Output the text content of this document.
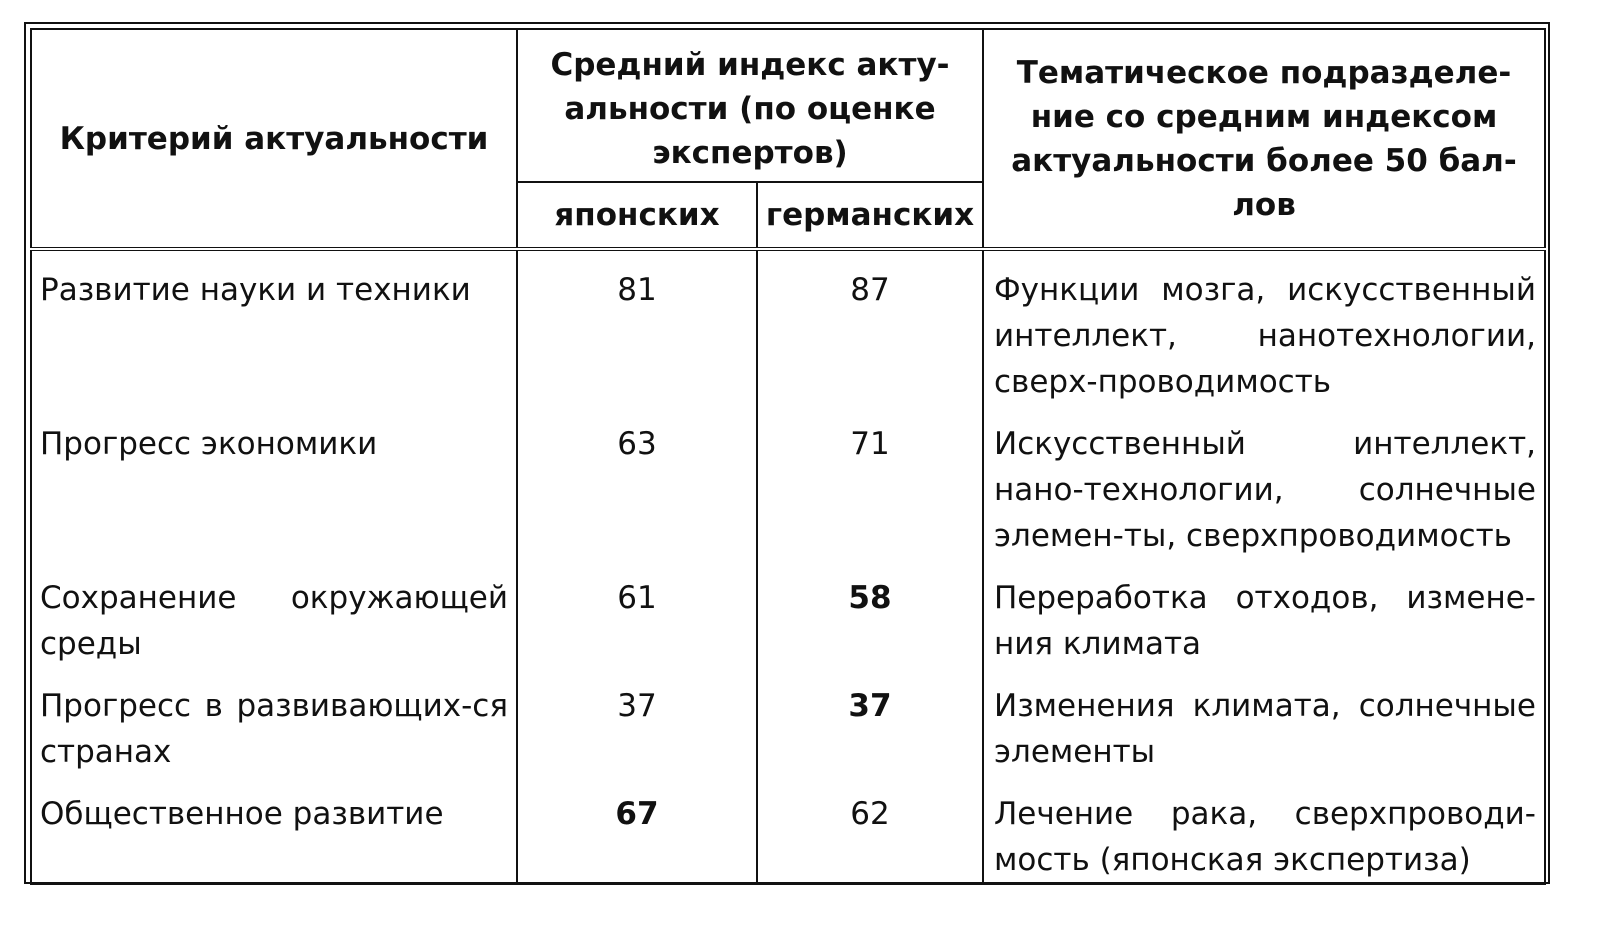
Критерий актуальности	Средний индекс акту-альности (по оценке экспертов)		Тематическое подразделе-ние со средним индексом актуальности более 50 бал-лов
	японских	германских	

Развитие науки и техники	81	87	Функции мозга, искусственный интеллект, нанотехнологии, сверх-проводимость
Прогресс экономики	63	71	Искусственный интеллект, нано-технологии, солнечные элемен-ты, сверхпроводимость
Сохранение окружающей среды	61	58	Переработка отходов, измене-ния климата
Прогресс в развивающих-ся странах	37	37	Изменения климата, солнечные элементы
Общественное развитие	67	62	Лечение рака, сверхпроводи-мость (японская экспертиза)
